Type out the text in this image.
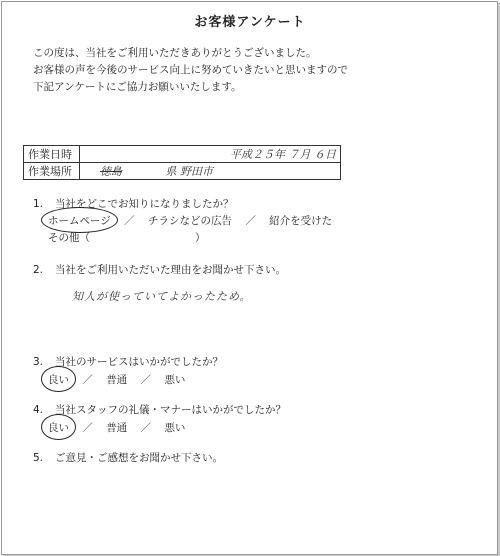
お客様アンケート
この度は、当社をご利用いただきありがとうございました。
お客様の声を今後のサービス向上に努めていきたいと思いますので
下記アンケートにご協力お願いいたします。
作業日時	平成２５年 ７月 ６日
作業場所	徳島 県 野田市
1. 当社をどこでお知りになりましたか？
ホームページ ／ チラシなどの広告 ／ 紹介を受けた
その他（　　　　　　　　　　）
2. 当社をご利用いただいた理由をお聞かせ下さい。
知人が使っていてよかったため。
3. 当社のサービスはいかがでしたか？
良い ／ 普通 ／ 悪い
4. 当社スタッフの礼儀・マナーはいかがでしたか？
良い ／ 普通 ／ 悪い
5. ご意見・ご感想をお聞かせ下さい。
